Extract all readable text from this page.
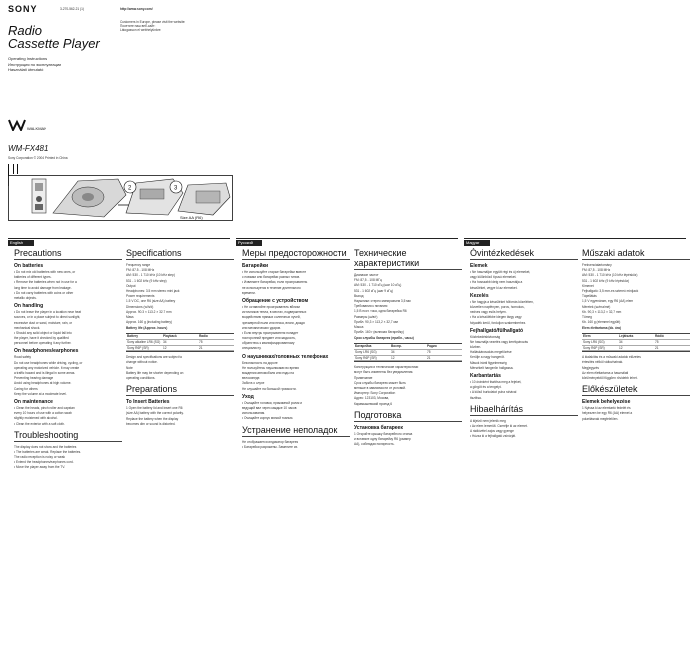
SONY	3-270-562-21 (1)	http://www.sony.com/
Customers in Europe, please visit the website:
Посетите наш веб-сайт:
Látogasson el webhelyünkre:
Radio
Cassette Player
Operating Instructions
Инструкция по эксплуатации
Használati útmutató
WALKMAN
WM-FX481
Sony Corporation © 2004 Printed in China
2	3
Size AA (R6)
English	Русский	Magyar
Precautions
On batteries
• Do not mix old batteries with new ones, or
batteries of different types.
• Remove the batteries when not in use for a
long time to avoid damage from leakage.
• Do not carry batteries with coins or other
metallic objects.
On handling
• Do not leave the player in a location near heat
sources, or in a place subject to direct sunlight,
excessive dust or sand, moisture, rain, or
mechanical shock.
• Should any solid object or liquid fall into
the player, have it checked by qualified
personnel before operating it any further.
On headphones/earphones
Road safety
Do not use headphones while driving, cycling, or
operating any motorized vehicle. It may create
a traffic hazard and is illegal in some areas.
Preventing hearing damage
Avoid using headphones at high volume.
Caring for others
Keep the volume at a moderate level.
On maintenance
• Clean the heads, pinch roller and capstan
every 10 hours of use with a cotton swab
slightly moistened with alcohol.
• Clean the exterior with a soft cloth.
Troubleshooting
The display does not show and the batteries
• The batteries are weak. Replace the batteries.
The radio reception is noisy or weak
• Extend the headphones/earphones cord.
• Move the player away from the TV.
Specifications
Frequency range
FM: 87.5 - 108 MHz
AM: 530 - 1 710 kHz (10 kHz step)
531 - 1 602 kHz (9 kHz step)
Output
Headphones: 3.5 mm stereo mini jack
Power requirements
1.5 V DC, one R6 (size AA) battery
Dimensions (w/h/d)
Approx. 90.3 × 113.2 × 32.7 mm
Mass
Approx. 160 g (including battery)
Battery life (Approx. hours)
Battery	Playback	Radio
Sony alkaline LR6 (SG) 34	75
Sony R6P (SR)	12	21
Design and specifications are subject to
change without notice.
Note
Battery life may be shorter depending on
operating conditions.
Preparations
To Insert Batteries
1 Open the battery lid and insert one R6
(size AA) battery with the correct polarity.
Replace the battery when the display
becomes dim or sound is distorted.
Меры предосторожности
Батарейки
• Не используйте старые батарейки вместе
с новыми или батарейки разных типов.
• Извлеките батарейки, если проигрыватель
не используется в течение длительного
времени.
Обращение с устройством
• Не оставляйте проигрыватель вблизи
источников тепла, в местах, подверженных
воздействию прямых солнечных лучей,
чрезмерной пыли или песка, влаги, дождя
или механических ударов.
• Если внутрь проигрывателя попадет
посторонний предмет или жидкость,
обратитесь к квалифицированному
специалисту.
О наушниках/головных телефонах
Безопасность на дороге
Не пользуйтесь наушниками во время
вождения автомобиля или езды на
велосипеде.
Забота о слухе
Не слушайте на большой громкости.
Уход
• Очищайте головки, прижимной ролик и
ведущий вал через каждые 10 часов
использования.
• Очищайте корпус мягкой тканью.
Устранение неполадок
Не отображается индикатор батареек
• Батарейки разряжены. Замените их.
Технические характеристики
Диапазон частот
FM: 87,5 - 108 МГц
AM: 530 - 1 710 кГц (шаг 10 кГц)
531 - 1 602 кГц (шаг 9 кГц)
Выход
Наушники: стерео миниразъем 3,5 мм
Требования к питанию
1,5 В пост. тока, одна батарейка R6
Размеры (ш/в/г)
Прибл. 90,3 × 113,2 × 32,7 мм
Масса
Прибл. 160 г (включая батарейку)
Срок службы батареек (прибл., часы)
Батарейка	Воспр.	Радио
Sony LR6 (SG)	34	75
Sony R6P (SR)	12	21
Конструкция и технические характеристики
могут быть изменены без уведомления.
Примечание
Срок службы батареек может быть
меньше в зависимости от условий.
Импортер: Sony Corporation
Адрес: 123103, Москва,
Карамышевский проезд 6
Подготовка
Установка батареек
1 Откройте крышку батарейного отсека
и вставьте одну батарейку R6 (размер
АА), соблюдая полярность.
Óvintézkedések
Elemek
• Ne használjon együtt régi és új elemeket,
vagy különböző típusú elemeket.
• Ha hosszabb ideig nem használja a
készüléket, vegye ki az elemeket.
Kezelés
• Ne hagyja a készüléket hőforrás közelében,
közvetlen napfényen, poros, homokos,
nedves vagy esős helyen.
• Ha a készülékbe idegen tárgy vagy
folyadék kerül, forduljon szakemberhez.
Fejhallgató/fülhallgató
Közlekedésbiztonság
Ne használja vezetés vagy kerékpározás
közben.
Halláskárosodás megelőzése
Kerülje a nagy hangerőt.
Mások iránti figyelmesség
Mérsékelt hangerőn hallgassa.
Karbantartás
• 10 óránként tisztítsa meg a fejeket,
a görgőt és a tengelyt.
• A külső burkolatot puha ruhával
tisztítsa.
Hibaelhárítás
A kijelző nem jelenik meg
• Az elem lemerült. Cserélje ki az elemet.
A rádióvétel zajos vagy gyenge
• Húzza ki a fejhallgató zsinórját.
Műszaki adatok
Frekvenciatartomány
FM: 87,5 - 108 MHz
AM: 530 - 1 710 kHz (10 kHz lépésköz)
531 - 1 602 kHz (9 kHz lépésköz)
Kimenet
Fejhallgató: 3,5 mm-es sztereó minijack
Tápellátás
1,5 V egyenáram, egy R6 (AA) elem
Méretek (sz/ma/mé)
Kb. 90,3 × 113,2 × 32,7 mm
Tömeg
Kb. 160 g (elemmel együtt)
Elem élettartama (kb. óra)
Elem	Lejátszás	Rádió
Sony LR6 (SG)	34	75
Sony R6P (SR)	12	21
A kialakítás és a műszaki adatok előzetes
értesítés nélkül változhatnak.
Megjegyzés
Az elem élettartama a használati
körülményektől függően rövidebb lehet.
Előkészületek
Elemek behelyezése
1 Nyissa ki az elemtartó fedelét és
helyezzen be egy R6 (AA) elemet a
polaritásnak megfelelően.
